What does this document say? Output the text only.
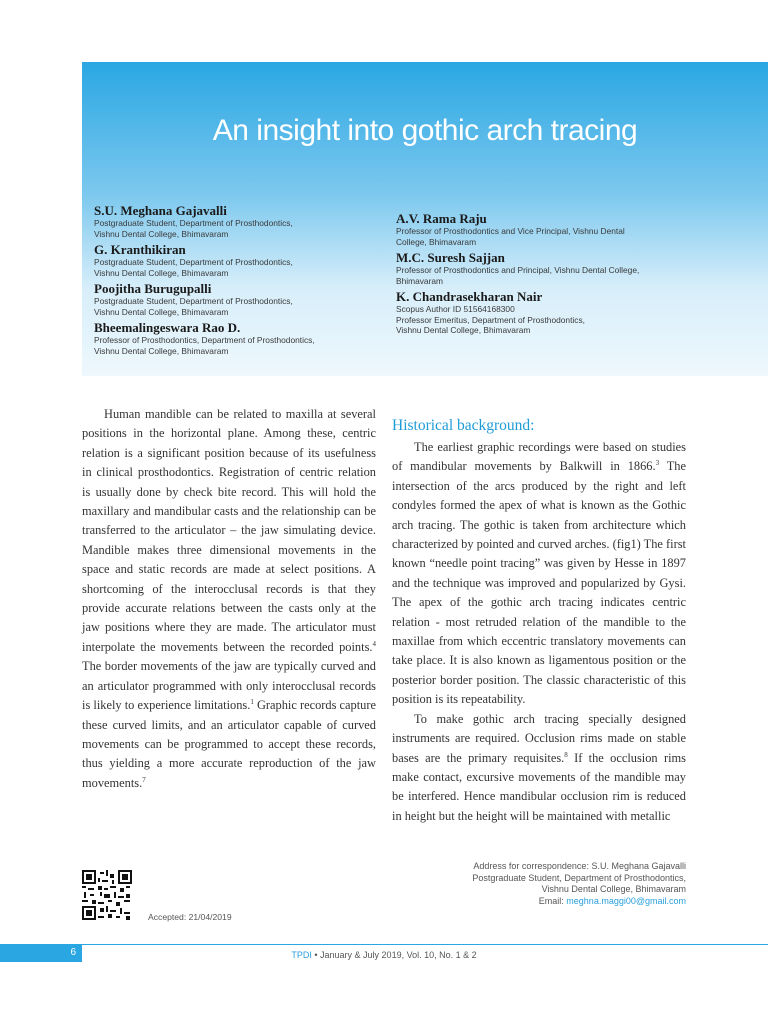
An insight into gothic arch tracing
S.U. Meghana Gajavalli
Postgraduate Student, Department of Prosthodontics,
Vishnu Dental College, Bhimavaram
G. Kranthikiran
Postgraduate Student, Department of Prosthodontics,
Vishnu Dental College, Bhimavaram
Poojitha Burugupalli
Postgraduate Student, Department of Prosthodontics,
Vishnu Dental College, Bhimavaram
Bheemalingeswara Rao D.
Professor of Prosthodontics, Department of Prosthodontics,
Vishnu Dental College, Bhimavaram
A.V. Rama Raju
Professor of Prosthodontics and Vice Principal, Vishnu Dental
College, Bhimavaram
M.C. Suresh Sajjan
Professor of Prosthodontics and Principal, Vishnu Dental College,
Bhimavaram
K. Chandrasekharan Nair
Scopus Author ID 51564168300
Professor Emeritus, Department of Prosthodontics,
Vishnu Dental College, Bhimavaram

Human mandible can be related to maxilla at several positions in the horizontal plane. Among these, centric relation is a significant position because of its usefulness in clinical prosthodontics. Registration of centric relation is usually done by check bite record. This will hold the maxillary and mandibular casts and the relationship can be transferred to the articulator – the jaw simulating device. Mandible makes three dimensional movements in the space and static records are made at select positions. A shortcoming of the interocclusal records is that they provide accurate relations between the casts only at the jaw positions where they are made. The articulator must interpolate the movements between the recorded points.$^4$ The border movements of the jaw are typically curved and an articulator programmed with only interocclusal records is likely to experience limitations.$^1$ Graphic records capture these curved limits, and an articulator capable of curved movements can be programmed to accept these records, thus yielding a more accurate reproduction of the jaw movements.$^7$

Historical background:

The earliest graphic recordings were based on studies of mandibular movements by Balkwill in 1866.$^3$ The intersection of the arcs produced by the right and left condyles formed the apex of what is known as the Gothic arch tracing. The gothic is taken from architecture which characterized by pointed and curved arches. (fig1) The first known “needle point tracing” was given by Hesse in 1897 and the technique was improved and popularized by Gysi. The apex of the gothic arch tracing indicates centric relation - most retruded relation of the mandible to the maxillae from which eccentric translatory movements can take place. It is also known as ligamentous position or the posterior border position. The classic characteristic of this position is its repeatability.

To make gothic arch tracing specially designed instruments are required. Occlusion rims made on stable bases are the primary requisites.$^8$ If the occlusion rims make contact, excursive movements of the mandible may be interfered. Hence mandibular occlusion rim is reduced in height but the height will be maintained with metallic

Accepted: 21/04/2019
Address for correspondence: S.U. Meghana Gajavalli
Postgraduate Student, Department of Prosthodontics,
Vishnu Dental College, Bhimavaram
Email: meghna.maggi00@gmail.com
6	TPDI • January & July 2019, Vol. 10, No. 1 & 2
